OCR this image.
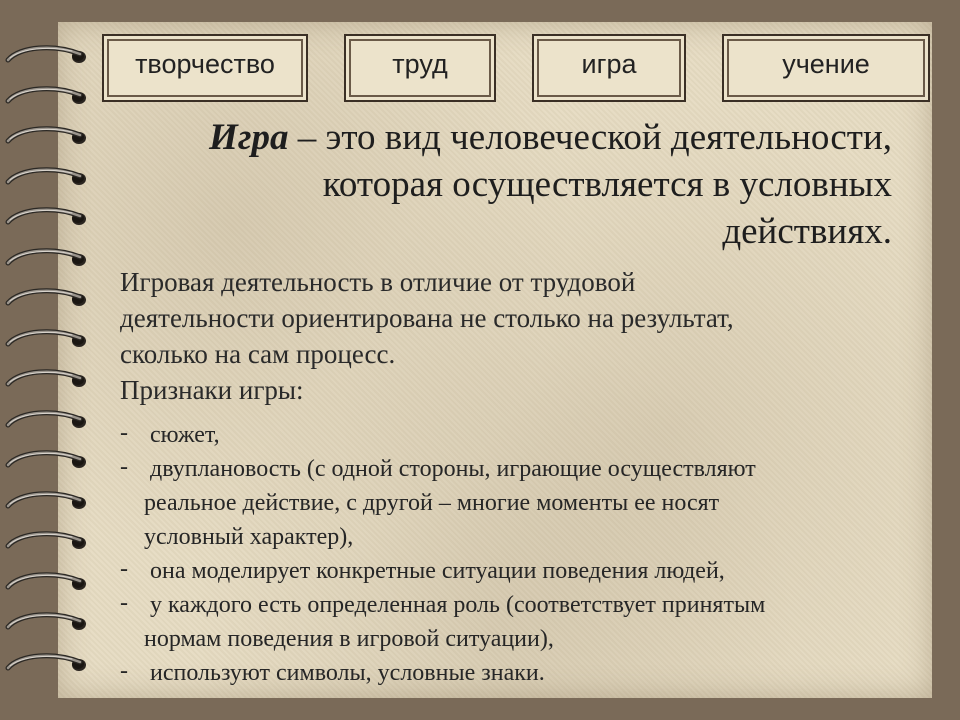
творчество	труд	игра	учение
Игра – это вид человеческой деятельности,
которая осуществляется в условных
действиях.

Игровая деятельность в отличие от трудовой

деятельности ориентирована не столько на результат,

сколько на сам процесс.

Признаки игры:

- сюжет,
- двуплановость (с одной стороны, играющие осуществляют
реальное действие, с другой – многие моменты ее носят
условный характер),
- она моделирует конкретные ситуации поведения людей,
- у каждого есть определенная роль (соответствует принятым
нормам поведения в игровой ситуации),
- используют символы, условные знаки.
